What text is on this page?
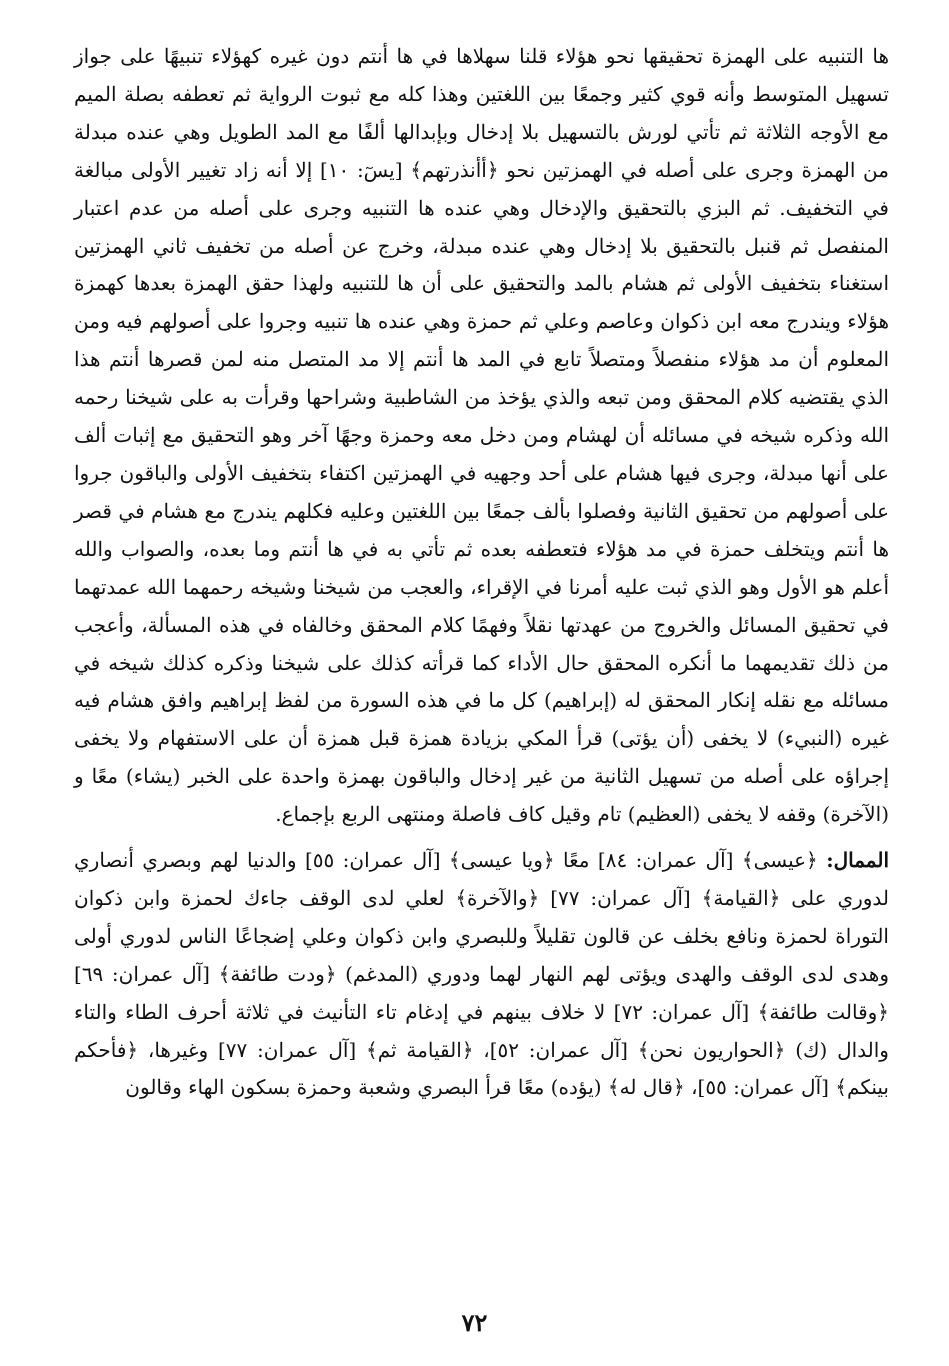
ها التنبيه على الهمزة تحقيقها نحو هؤلاء قلنا سهلاها في ها أنتم دون غيره كهؤلاء تنبيهًا على جواز تسهيل المتوسط وأنه قوي كثير وجمعًا بين اللغتين وهذا كله مع ثبوت الرواية ثم تعطفه بصلة الميم مع الأوجه الثلاثة ثم تأتي لورش بالتسهيل بلا إدخال وبإبدالها ألفًا مع المد الطويل وهي عنده مبدلة من الهمزة وجرى على أصله في الهمزتين نحو ﴿أأنذرتهم﴾ [يسٓ: ١٠] إلا أنه زاد تغيير الأولى مبالغة في التخفيف. ثم البزي بالتحقيق والإدخال وهي عنده ها التنبيه وجرى على أصله من عدم اعتبار المنفصل ثم قنبل بالتحقيق بلا إدخال وهي عنده مبدلة، وخرج عن أصله من تخفيف ثاني الهمزتين استغناء بتخفيف الأولى ثم هشام بالمد والتحقيق على أن ها للتنبيه ولهذا حقق الهمزة بعدها كهمزة هؤلاء ويندرج معه ابن ذكوان وعاصم وعلي ثم حمزة وهي عنده ها تنبيه وجروا على أصولهم فيه ومن المعلوم أن مد هؤلاء منفصلاً ومتصلاً تابع في المد ها أنتم إلا مد المتصل منه لمن قصرها أنتم هذا الذي يقتضيه كلام المحقق ومن تبعه والذي يؤخذ من الشاطبية وشراحها وقرأت به على شيخنا رحمه الله وذكره شيخه في مسائله أن لهشام ومن دخل معه وحمزة وجهًا آخر وهو التحقيق مع إثبات ألف على أنها مبدلة، وجرى فيها هشام على أحد وجهيه في الهمزتين اكتفاء بتخفيف الأولى والباقون جروا على أصولهم من تحقيق الثانية وفصلوا بألف جمعًا بين اللغتين وعليه فكلهم يندرج مع هشام في قصر ها أنتم ويتخلف حمزة في مد هؤلاء فتعطفه بعده ثم تأتي به في ها أنتم وما بعده، والصواب والله أعلم هو الأول وهو الذي ثبت عليه أمرنا في الإقراء، والعجب من شيخنا وشيخه رحمهما الله عمدتهما في تحقيق المسائل والخروج من عهدتها نقلاً وفهمًا كلام المحقق وخالفاه في هذه المسألة، وأعجب من ذلك تقديمهما ما أنكره المحقق حال الأداء كما قرأته كذلك على شيخنا وذكره كذلك شيخه في مسائله مع نقله إنكار المحقق له (إبراهيم) كل ما في هذه السورة من لفظ إبراهيم وافق هشام فيه غيره (النبيء) لا يخفى (أن يؤتى) قرأ المكي بزيادة همزة قبل همزة أن على الاستفهام ولا يخفى إجراؤه على أصله من تسهيل الثانية من غير إدخال والباقون بهمزة واحدة على الخبر (يشاء) معًا و (الآخرة) وقفه لا يخفى (العظيم) تام وقيل كاف فاصلة ومنتهى الربع بإجماع.

الممال: ﴿عيسى﴾ [آل عمران: ٨٤] معًا ﴿ويا عيسى﴾ [آل عمران: ٥٥] والدنيا لهم وبصري أنصاري لدوري على ﴿القيامة﴾ [آل عمران: ٧٧] ﴿والآخرة﴾ لعلي لدى الوقف جاءك لحمزة وابن ذكوان التوراة لحمزة ونافع بخلف عن قالون تقليلاً وللبصري وابن ذكوان وعلي إضجاعًا الناس لدوري أولى وهدى لدى الوقف والهدى ويؤتى لهم النهار لهما ودوري (المدغم) ﴿ودت طائفة﴾ [آل عمران: ٦٩] ﴿وقالت طائفة﴾ [آل عمران: ٧٢] لا خلاف بينهم في إدغام تاء التأنيث في ثلاثة أحرف الطاء والتاء والدال (ك) ﴿الحواريون نحن﴾ [آل عمران: ٥٢]، ﴿القيامة ثم﴾ [آل عمران: ٧٧] وغيرها، ﴿فأحكم بينكم﴾ [آل عمران: ٥٥]، ﴿قال له﴾ (يؤده) معًا قرأ البصري وشعبة وحمزة بسكون الهاء وقالون

٧٢
